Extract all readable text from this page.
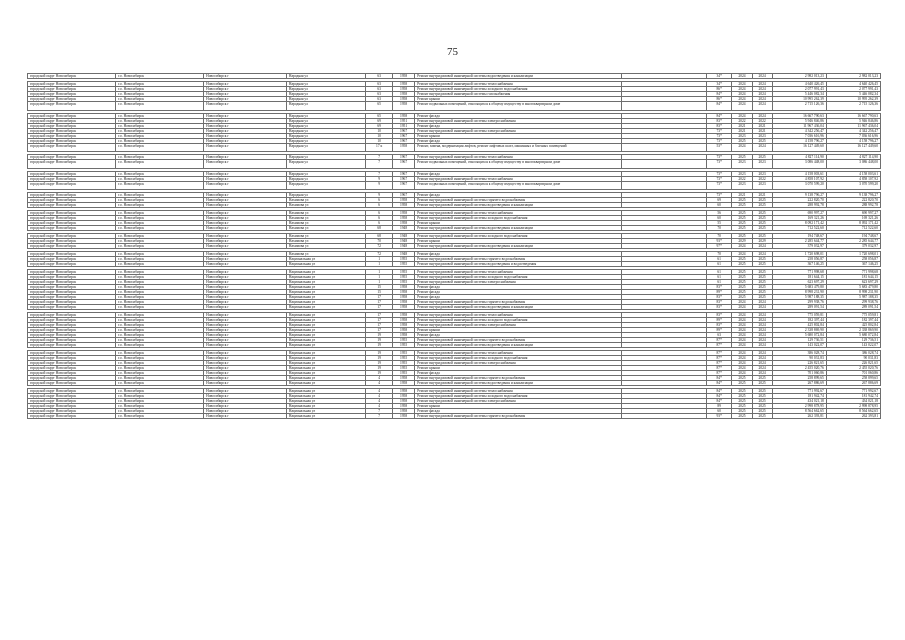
75
городской округ Новосибирск	г.о. Новосибирск	Новосибирск г	Народная ул	63	1958	Ремонт внутридомовой инженерной системы водоотведения и канализации		34*	2024	2024	2 982 013,23	2 982 013,23

городской округ Новосибирск	г.о. Новосибирск	Новосибирск г	Народная ул	63	1958	Ремонт внутридомовой инженерной системы теплоснабжения		34*	2024	2024	4 640 426,45	4 640 426,45
городской округ Новосибирск	г.о. Новосибирск	Новосибирск г	Народная ул	63	1958	Ремонт внутридомовой инженерной системы холодного водоснабжения		86*	2024	2024	2 077 991,43	2 077 991,43
городской округ Новосибирск	г.о. Новосибирск	Новосибирск г	Народная ул	63	1958	Ремонт внутридомовой инженерной системы газоснабжения		84*	2024	2024	5 446 082,34	5 446 082,34
городской округ Новосибирск	г.о. Новосибирск	Новосибирск г	Народная ул	63	1958	Ремонт крыши		86*	2024	2024	10 995 262,39	10 995 262,39
городской округ Новосибирск	г.о. Новосибирск	Новосибирск г	Народная ул	65	1958	Ремонт подвальных помещений, относящихся к общему имуществу в многоквартирном доме		84*	2024	2024	2 715 126,36	2 715 126,36

городской округ Новосибирск	г.о. Новосибирск	Новосибирск г	Народная ул	65	1958	Ремонт фасада		84*	2024	2024	16 667 790,63	16 667 790,63
городской округ Новосибирск	г.о. Новосибирск	Новосибирск г	Народная ул	69	1951	Ремонт внутридомовой инженерной системы электроснабжения		83*	2022	2022	5 946 846,86	5 946 846,86
городской округ Новосибирск	г.о. Новосибирск	Новосибирск г	Народная ул	69	1951	Ремонт фасада		83*	2021	2021	11 967 436,04	11 967 436,04
городской округ Новосибирск	г.о. Новосибирск	Новосибирск г	Народная ул	10	1967	Ремонт внутридомовой инженерной системы электроснабжения		73*	2021	2021	4 342 256,47	4 342 256,47
городской округ Новосибирск	г.о. Новосибирск	Новосибирск г	Народная ул	10	1967	Ремонт крыши		73*	2023	2023	7 036 616,96	7 036 616,96
городской округ Новосибирск	г.о. Новосибирск	Новосибирск г	Народная ул	10	1967	Ремонт фасада		73*	2025	2025	4 158 796,27	4 158 796,27
городской округ Новосибирск	г.о. Новосибирск	Новосибирск г	Народная ул	17 к	1958	Ремонт, замена, модернизация лифтов, ремонт лифтовых шахт, машинных и блочных помещений		53*	2024	2024	16 127 449,60	16 127 449,60

городской округ Новосибирск	г.о. Новосибирск	Новосибирск г	Народная ул	7	1967	Ремонт внутридомовой инженерной системы теплоснабжения		73*	2025	2025	4 827 114,90	4 827 114,90
городской округ Новосибирск	г.о. Новосибирск	Новосибирск г	Народная ул	7	1967	Ремонт подвальных помещений, относящихся к общему имуществу в многоквартирном доме		73*	2023	2023	3 086 448,00	3 086 448,00

городской округ Новосибирск	г.о. Новосибирск	Новосибирск г	Народная ул	7	1967	Ремонт фасада		73*	2023	2023	4 158 003,61	4 158 003,61
городской округ Новосибирск	г.о. Новосибирск	Новосибирск г	Народная ул	9	1967	Ремонт внутридомовой инженерной системы теплоснабжения		73*	2022	2022	4 858 107,92	4 858 107,92
городской округ Новосибирск	г.о. Новосибирск	Новосибирск г	Народная ул	9	1967	Ремонт подвальных помещений, относящихся к общему имуществу в многоквартирном доме		73*	2023	2023	3 070 599,20	3 070 599,20

городской округ Новосибирск	г.о. Новосибирск	Новосибирск г	Народная ул	9	1967	Ремонт фасада		73*	2021	2021	9 138 796,27	9 138 796,27
городской округ Новосибирск	г.о. Новосибирск	Новосибирск г	Нахимова ул	6	1958	Ремонт внутридомовой инженерной системы горячего водоснабжения		69	2025	2025	222 820,70	222 820,70
городской округ Новосибирск	г.о. Новосибирск	Новосибирск г	Нахимова ул	6	1958	Ремонт внутридомовой инженерной системы водоотведения и канализации		60	2025	2025	288 992,78	288 992,78

городской округ Новосибирск	г.о. Новосибирск	Новосибирск г	Нахимова ул	6	1958	Ремонт внутридомовой инженерной системы теплоснабжения		56	2025	2025	690 997,27	690 997,27
городской округ Новосибирск	г.о. Новосибирск	Новосибирск г	Нахимова ул	6	1958	Ремонт внутридомовой инженерной системы холодного водоснабжения		60	2025	2025	169 321,26	169 321,26
городской округ Новосибирск	г.о. Новосибирск	Новосибирск г	Нахимова ул	6	1958	Ремонт крыши		55	2025	2025	8 092 171,42	8 092 171,42
городской округ Новосибирск	г.о. Новосибирск	Новосибирск г	Нахимова ул	68	1948	Ремонт внутридомовой инженерной системы водоотведения и канализации		70	2025	2025	712 522,60	712 522,60

городской округ Новосибирск	г.о. Новосибирск	Новосибирск г	Нахимова ул	68	1948	Ремонт внутридомовой инженерной системы холодного водоснабжения		70	2025	2025	194 748,67	194 748,67
городской округ Новосибирск	г.о. Новосибирск	Новосибирск г	Нахимова ул	70	1948	Ремонт крыши		93*	2029	2029	2 285 644,77	2 285 644,77
городской округ Новосибирск	г.о. Новосибирск	Новосибирск г	Нахимова ул	72	1948	Ремонт внутридомовой инженерной системы водоотведения и канализации		97*	2024	2024	379 032,97	379 032,97

городской округ Новосибирск	г.о. Новосибирск	Новосибирск г	Нахимова ул	72	1948	Ремонт фасада		70	2024	2024	1 720 698,01	1 720 698,01
городской округ Новосибирск	г.о. Новосибирск	Новосибирск г	Национальная ул	1	1955	Ремонт внутридомовой инженерной системы горячего водоснабжения		61	2025	2025	258 056,87	258 056,87
городской округ Новосибирск	г.о. Новосибирск	Новосибирск г	Национальная ул	1	1955	Ремонт внутридомовой инженерной системы водоотведения и водоотведения		61	2025	2025	367 146,25	367 146,25

городской округ Новосибирск	г.о. Новосибирск	Новосибирск г	Национальная ул	1	1955	Ремонт внутридомовой инженерной системы теплоснабжения		61	2025	2025	771 998,68	771 998,68
городской округ Новосибирск	г.о. Новосибирск	Новосибирск г	Национальная ул	1	1955	Ремонт внутридомовой инженерной системы холодного водоснабжения		61	2025	2025	181 644,15	181 644,15
городской округ Новосибирск	г.о. Новосибирск	Новосибирск г	Национальная ул	1	1955	Ремонт внутридомовой инженерной системы электроснабжения		61	2025	2025	623 697,29	623 697,29
городской округ Новосибирск	г.о. Новосибирск	Новосибирск г	Национальная ул	15	1958	Ремонт фасада		83*	2025	2025	5 683 479,80	5 683 479,80
городской округ Новосибирск	г.о. Новосибирск	Новосибирск г	Национальная ул	15	1958	Ремонт фасада		89*	2025	2025	8 998 231,90	8 998 231,90
городской округ Новосибирск	г.о. Новосибирск	Новосибирск г	Национальная ул	17	1958	Ремонт фасада		83*	2025	2025	5 987 188,35	5 987 188,35
городской округ Новосибирск	г.о. Новосибирск	Новосибирск г	Национальная ул	17	1958	Ремонт внутридомовой инженерной системы горячего водоснабжения		83*	2024	2024	299 938,76	299 938,76
городской округ Новосибирск	г.о. Новосибирск	Новосибирск г	Национальная ул	17	1958	Ремонт внутридомовой инженерной системы водоотведения и канализации		83*	2024	2024	289 091,54	289 091,54

городской округ Новосибирск	г.о. Новосибирск	Новосибирск г	Национальная ул	17	1958	Ремонт внутридомовой инженерной системы теплоснабжения		83*	2024	2024	775 059,81	775 059,81
городской округ Новосибирск	г.о. Новосибирск	Новосибирск г	Национальная ул	17	1958	Ремонт внутридомовой инженерной системы холодного водоснабжения		89*	2024	2024	182 397,44	182 397,44
городской округ Новосибирск	г.о. Новосибирск	Новосибирск г	Национальная ул	17	1958	Ремонт внутридомовой инженерной системы электроснабжения		83*	2024	2024	425 802,84	425 802,84
городской округ Новосибирск	г.о. Новосибирск	Новосибирск г	Национальная ул	17	1958	Ремонт крыши		89*	2024	2024	2 338 869,90	2 338 869,90
городской округ Новосибирск	г.о. Новосибирск	Новосибирск г	Национальная ул	19	1958	Ремонт фасада		63	2024	2024	5 680 072,84	5 680 072,84
городской округ Новосибирск	г.о. Новосибирск	Новосибирск г	Национальная ул	19	1955	Ремонт внутридомовой инженерной системы горячего водоснабжения		87*	2024	2024	129 736,51	129 736,51
городской округ Новосибирск	г.о. Новосибирск	Новосибирск г	Национальная ул	19	1955	Ремонт внутридомовой инженерной системы водоотведения и канализации		87*	2024	2024	143 022,07	143 022,07

городской округ Новосибирск	г.о. Новосибирск	Новосибирск г	Национальная ул	19	1955	Ремонт внутридомовой инженерной системы теплоснабжения		87*	2024	2024	386 028,74	386 028,74
городской округ Новосибирск	г.о. Новосибирск	Новосибирск г	Национальная ул	19	1955	Ремонт внутридомовой инженерной системы холодного водоснабжения		87*	2024	2024	90 031,83	90 031,83
городской округ Новосибирск	г.о. Новосибирск	Новосибирск г	Национальная ул	19	1955	Ремонт внутридомовой инженерной системы электроснабжения		87*	2024	2024	226 821,65	226 821,65
городской округ Новосибирск	г.о. Новосибирск	Новосибирск г	Национальная ул	19	1955	Ремонт крыши		87*	2024	2024	2 455 020,76	2 455 020,76
городской округ Новосибирск	г.о. Новосибирск	Новосибирск г	Национальная ул	19	1955	Ремонт фасада		87*	2024	2024	701 060,86	701 060,86
городской округ Новосибирск	г.о. Новосибирск	Новосибирск г	Национальная ул	4	1958	Ремонт внутридомовой инженерной системы горячего водоснабжения		84*	2025	2025	258 899,65	258 899,65
городской округ Новосибирск	г.о. Новосибирск	Новосибирск г	Национальная ул	4	1958	Ремонт внутридомовой инженерной системы водоотведения и канализации		84*	2025	2025	267 886,69	267 886,69

городской округ Новосибирск	г.о. Новосибирск	Новосибирск г	Национальная ул	4	1958	Ремонт внутридомовой инженерной системы теплоснабжения		84*	2025	2025	771 992,67	771 992,67
городской округ Новосибирск	г.о. Новосибирск	Новосибирск г	Национальная ул	4	1958	Ремонт внутридомовой инженерной системы холодного водоснабжения		84*	2025	2025	181 942,74	181 942,74
городской округ Новосибирск	г.о. Новосибирск	Новосибирск г	Национальная ул	4	1958	Ремонт внутридомовой инженерной системы электроснабжения		84*	2025	2025	434 021,18	434 021,18
городской округ Новосибирск	г.о. Новосибирск	Новосибирск г	Национальная ул	4	1958	Ремонт крыши		89	2025	2025	2 998 878,95	2 998 878,95
городской округ Новосибирск	г.о. Новосибирск	Новосибирск г	Национальная ул	7	1958	Ремонт фасада		60	2025	2025	8 564 662,65	8 564 662,65
городской округ Новосибирск	г.о. Новосибирск	Новосибирск г	Национальная ул	7	1958	Ремонт внутридомовой инженерной системы горячего водоснабжения		93*	2025	2025	262 393,81	262 393,81
